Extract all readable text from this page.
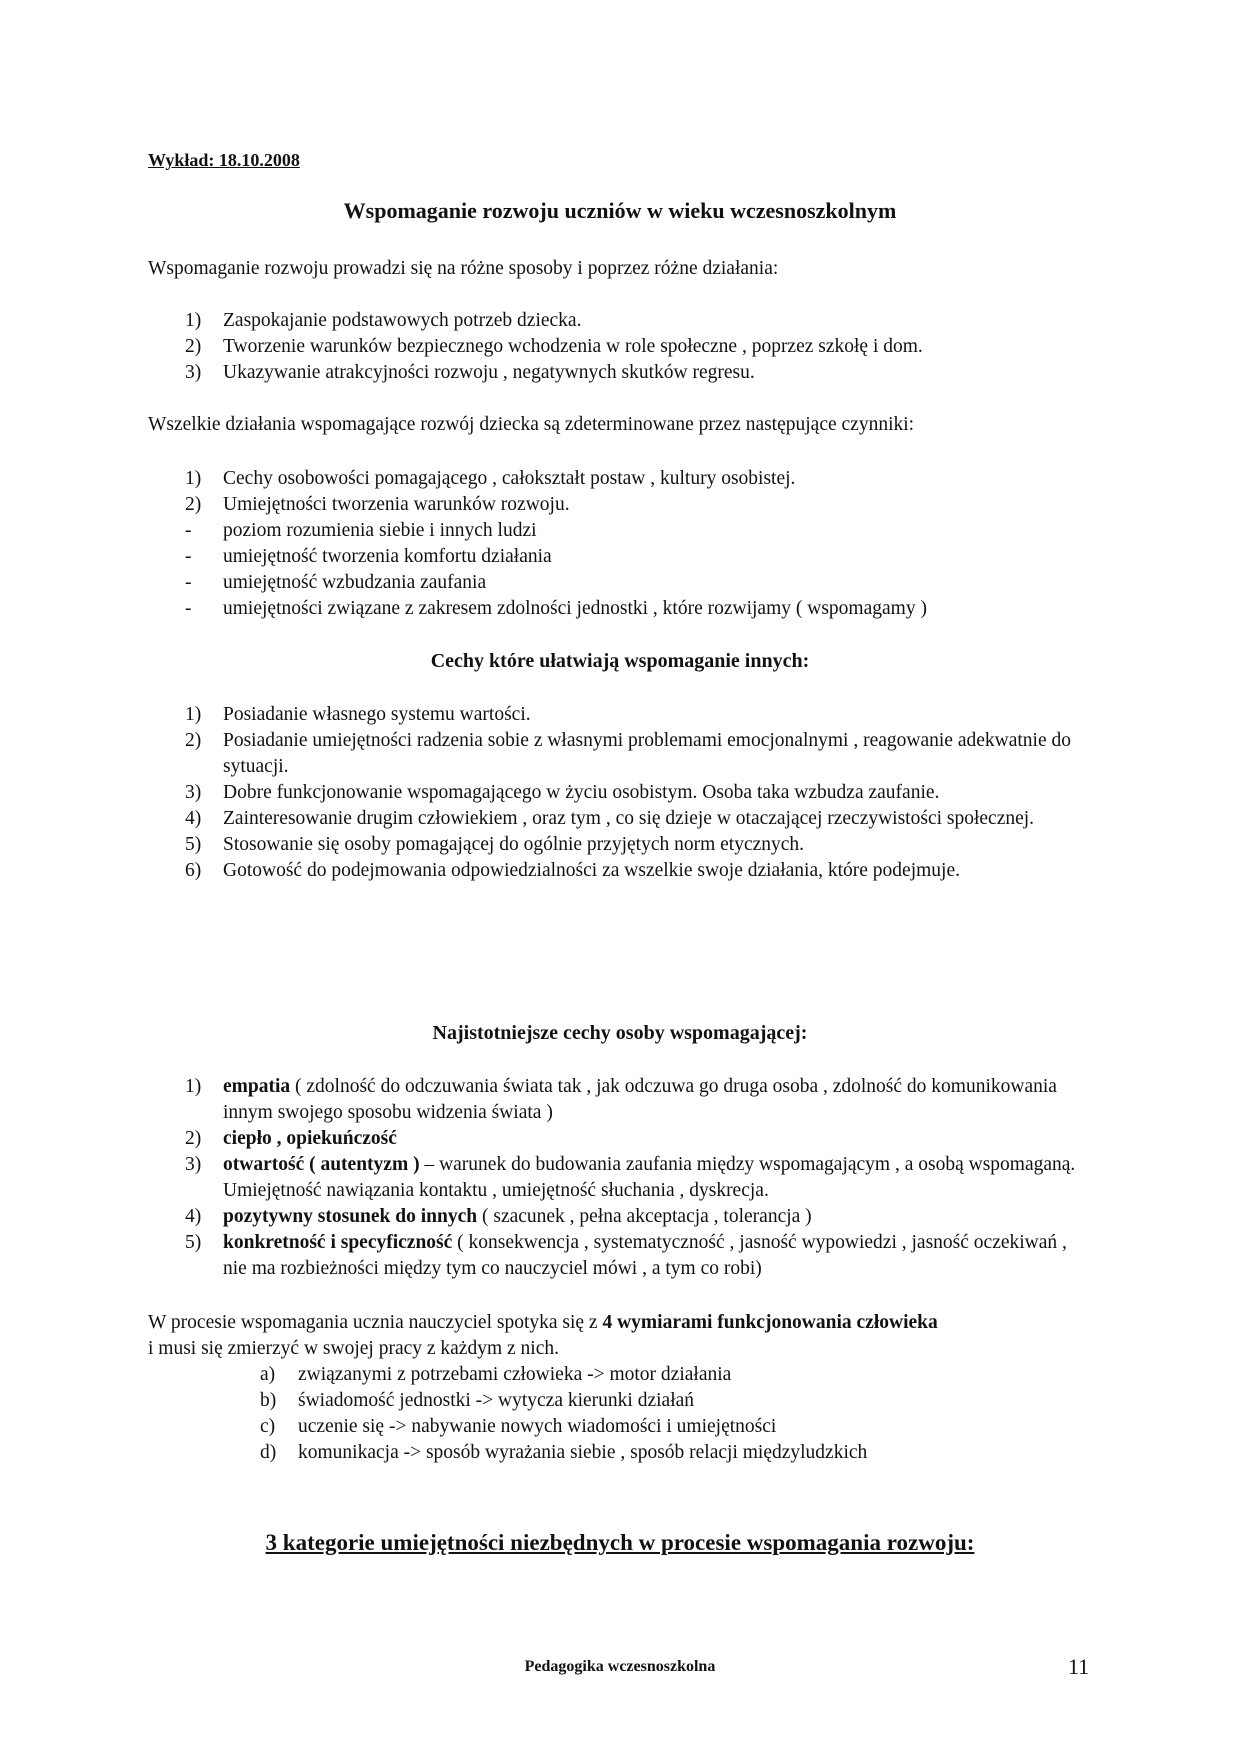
Wykład: 18.10.2008
Wspomaganie rozwoju uczniów w wieku wczesnoszkolnym
Wspomaganie rozwoju prowadzi się na różne sposoby i poprzez różne działania:
1) Zaspokajanie podstawowych potrzeb dziecka.
2) Tworzenie warunków bezpiecznego wchodzenia w role społeczne , poprzez szkołę i dom.
3) Ukazywanie atrakcyjności rozwoju , negatywnych skutków regresu.
Wszelkie działania wspomagające rozwój dziecka są zdeterminowane przez następujące czynniki:
1) Cechy osobowości pomagającego , całokształt postaw , kultury osobistej.
2) Umiejętności tworzenia warunków rozwoju.
- poziom rozumienia siebie i innych ludzi
- umiejętność tworzenia komfortu działania
- umiejętność wzbudzania zaufania
- umiejętności związane z zakresem zdolności jednostki , które rozwijamy ( wspomagamy )
Cechy które ułatwiają wspomaganie innych:
1) Posiadanie własnego systemu wartości.
2) Posiadanie umiejętności radzenia sobie z własnymi problemami emocjonalnymi , reagowanie adekwatnie do sytuacji.
3) Dobre funkcjonowanie wspomagającego w życiu osobistym. Osoba taka wzbudza zaufanie.
4) Zainteresowanie drugim człowiekiem , oraz tym , co się dzieje w otaczającej rzeczywistości społecznej.
5) Stosowanie się osoby pomagającej do ogólnie przyjętych norm etycznych.
6) Gotowość do podejmowania odpowiedzialności za wszelkie swoje działania, które podejmuje.
Najistotniejsze cechy osoby wspomagającej:
1) empatia ( zdolność do odczuwania świata tak , jak odczuwa go druga osoba , zdolność do komunikowania innym swojego sposobu widzenia świata )
2) ciepło , opiekuńczość
3) otwartość ( autentyzm ) – warunek do budowania zaufania między wspomagającym , a osobą wspomaganą. Umiejętność nawiązania kontaktu , umiejętność słuchania , dyskrecja.
4) pozytywny stosunek do innych ( szacunek , pełna akceptacja , tolerancja )
5) konkretność i specyficzność ( konsekwencja , systematyczność , jasność wypowiedzi , jasność oczekiwań , nie ma rozbieżności między tym co nauczyciel mówi , a tym co robi)
W procesie wspomagania ucznia nauczyciel spotyka się z 4 wymiarami funkcjonowania człowieka
i musi się zmierzyć w swojej pracy z każdym z nich.
a) związanymi z potrzebami człowieka -> motor działania
b) świadomość jednostki -> wytycza kierunki działań
c) uczenie się -> nabywanie nowych wiadomości i umiejętności
d) komunikacja -> sposób wyrażania siebie , sposób relacji międzyludzkich
3 kategorie umiejętności niezbędnych w procesie wspomagania rozwoju:
Pedagogika wczesnoszkolna	11
